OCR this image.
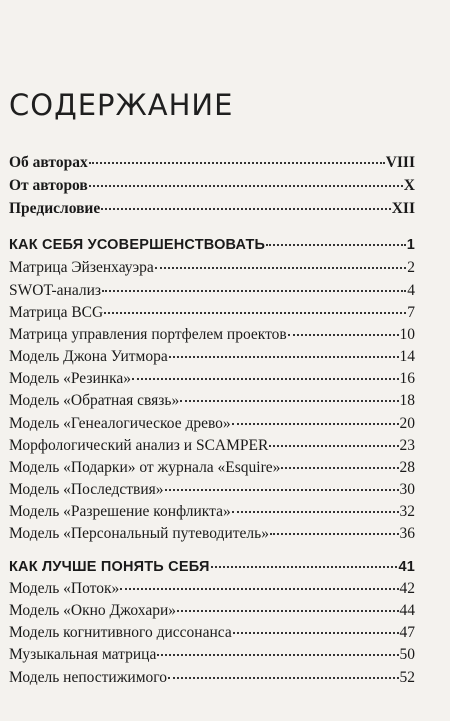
СОДЕРЖАНИЕ
Об авторах	VIII
От авторов	X
Предисловие	XII
КАК СЕБЯ УСОВЕРШЕНСТВОВАТЬ	1
Матрица Эйзенхауэра	2
SWOT-анализ	4
Матрица BCG	7
Матрица управления портфелем проектов	10
Модель Джона Уитмора	14
Модель «Резинка»	16
Модель «Обратная связь»	18
Модель «Генеалогическое древо»	20
Морфологический анализ и SCAMPER	23
Модель «Подарки» от журнала «Esquire»	28
Модель «Последствия»	30
Модель «Разрешение конфликта»	32
Модель «Персональный путеводитель»	36
КАК ЛУЧШЕ ПОНЯТЬ СЕБЯ	41
Модель «Поток»	42
Модель «Окно Джохари»	44
Модель когнитивного диссонанса	47
Музыкальная матрица	50
Модель непостижимого	52
